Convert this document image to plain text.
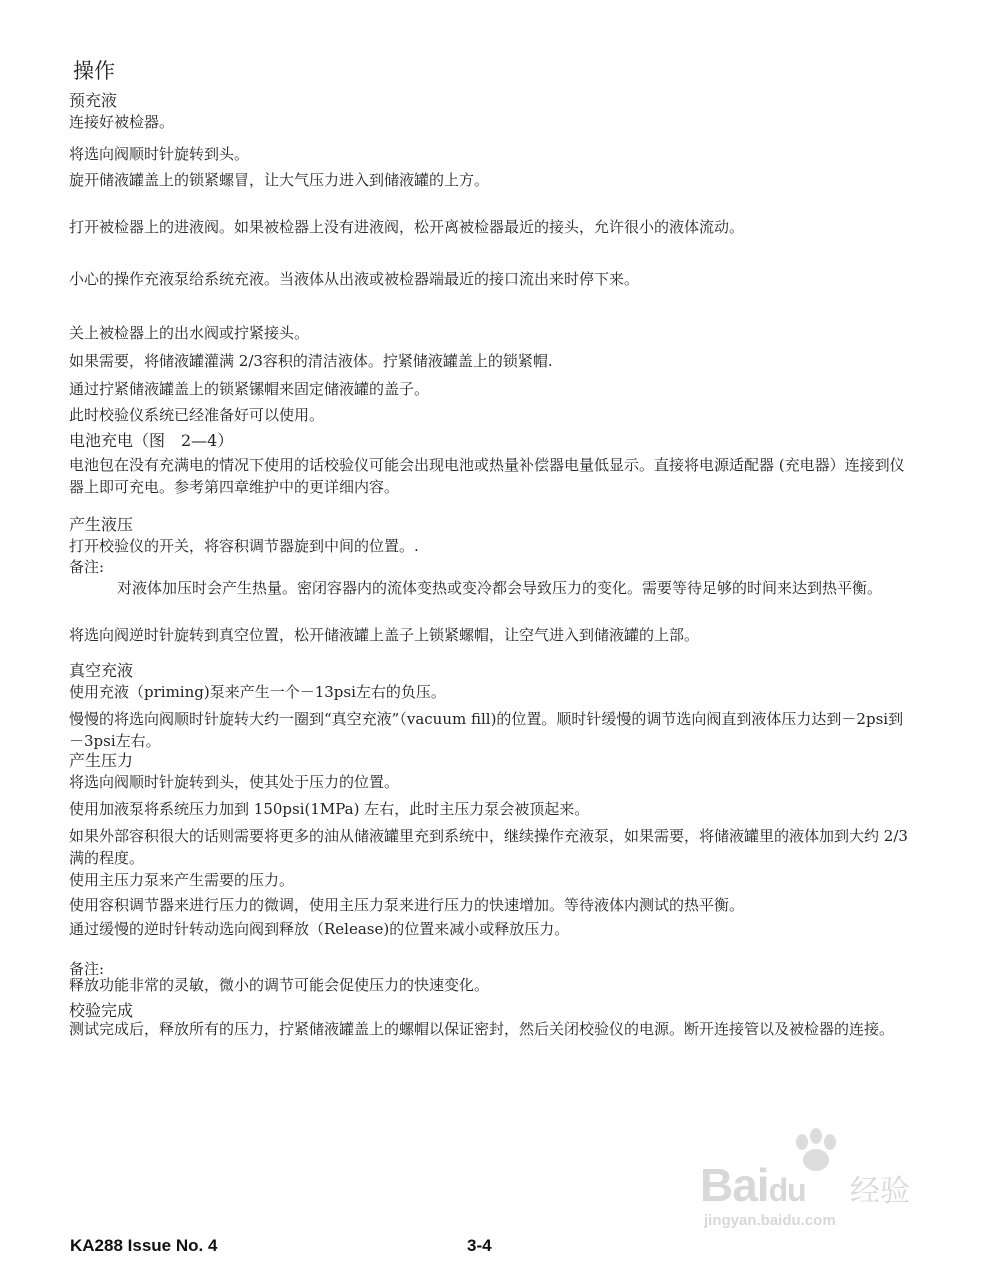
操作
预充液
连接好被检器。
将选向阀顺时针旋转到头。
旋开储液罐盖上的锁紧螺冒，让大气压力进入到储液罐的上方。
打开被检器上的进液阀。如果被检器上没有进液阀，松开离被检器最近的接头，允许很小的液体流动。
小心的操作充液泵给系统充液。当液体从出液或被检器端最近的接口流出来时停下来。
关上被检器上的出水阀或拧紧接头。
如果需要，将储液罐灌满 2/3容积的清洁液体。拧紧储液罐盖上的锁紧帽.
通过拧紧储液罐盖上的锁紧镙帽来固定储液罐的盖子。
此时校验仪系统已经准备好可以使用。
电池充电（图　2—4）
电池包在没有充满电的情况下使用的话校验仪可能会出现电池或热量补偿器电量低显示。直接将电源适配器 (充电器）连接到仪器上即可充电。参考第四章维护中的更详细内容。
产生液压
打开校验仪的开关，将容积调节器旋到中间的位置。.
备注:
对液体加压时会产生热量。密闭容器内的流体变热或变冷都会导致压力的变化。需要等待足够的时间来达到热平衡。
将选向阀逆时针旋转到真空位置，松开储液罐上盖子上锁紧螺帽，让空气进入到储液罐的上部。
真空充液
使用充液（priming)泵来产生一个－13psi左右的负压。
慢慢的将选向阀顺时针旋转大约一圈到“真空充液”（vacuum fill)的位置。顺时针缓慢的调节选向阀直到液体压力达到－2psi到－3psi左右。
产生压力
将选向阀顺时针旋转到头，使其处于压力的位置。
使用加液泵将系统压力加到 150psi(1MPa) 左右，此时主压力泵会被顶起来。
如果外部容积很大的话则需要将更多的油从储液罐里充到系统中，继续操作充液泵，如果需要，将储液罐里的液体加到大约 2/3满的程度。
使用主压力泵来产生需要的压力。
使用容积调节器来进行压力的微调，使用主压力泵来进行压力的快速增加。等待液体内测试的热平衡。
通过缓慢的逆时针转动选向阀到释放（Release)的位置来减小或释放压力。
备注:
释放功能非常的灵敏，微小的调节可能会促使压力的快速变化。
校验完成
测试完成后，释放所有的压力，拧紧储液罐盖上的螺帽以保证密封，然后关闭校验仪的电源。断开连接管以及被检器的连接。
Baidu 经验
jingyan.baidu.com
KA288 Issue No. 4	3-4
